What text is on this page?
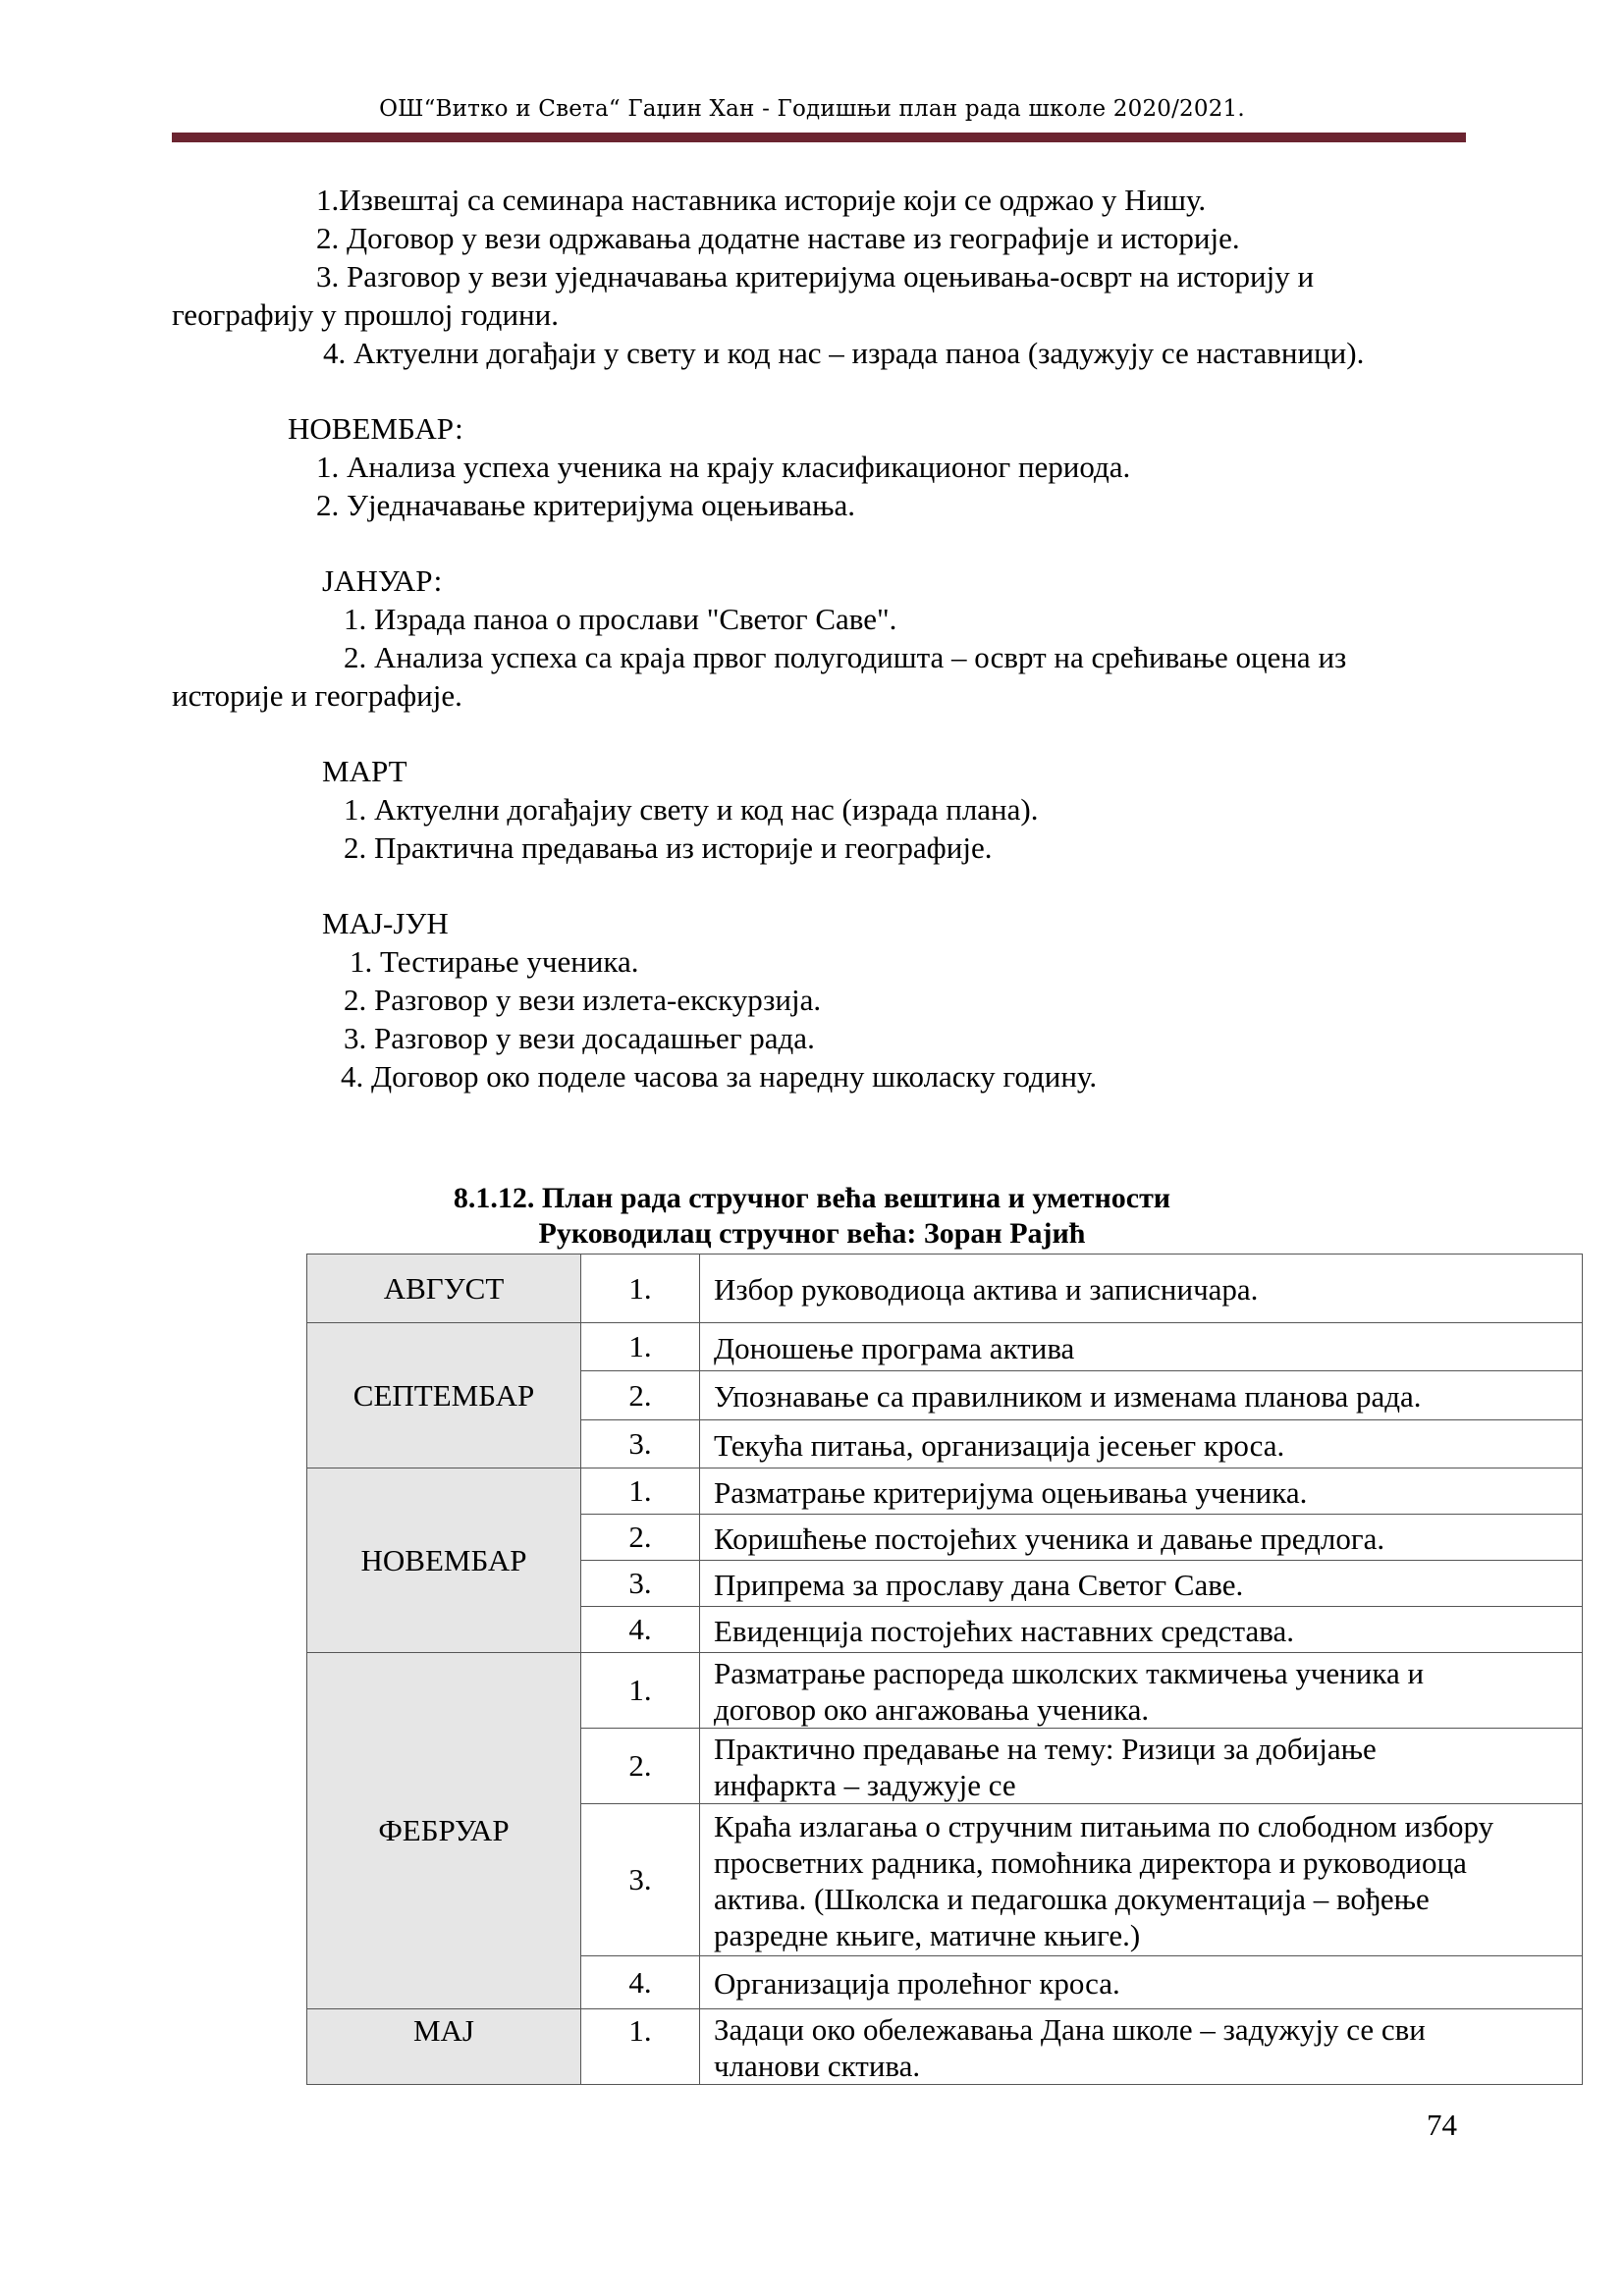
ОШ“Витко и Света“ Гаџин Хан - Годишњи план рада школе 2020/2021.

1.Извештај са семинара наставника историје који се одржао у Нишу.

2. Договор у вези одржавања додатне наставе из географије и историје.

3. Разговор у вези уједначавања критеријума оцењивања-осврт на историју и

географију у прошлој години.

4. Актуелни догађаји у свету и код нас – израда паноа (задужују се наставници).

НОВЕМБАР:

1. Анализа успеха ученика на крају класификационог периода.

2. Уједначавање критеријума оцењивања.

ЈАНУАР:

1. Израда паноа о прослави "Светог Саве".

2. Анализа успеха са краја првог полугодишта – осврт на срећивање оцена из

историје и географије.

МАРТ

1. Актуелни догађајиу свету и код нас (израда плана).

2. Практична предавања из историје и географије.

МАЈ-ЈУН

1. Тестирање ученика.

2. Разговор у вези излета-екскурзија.

3. Разговор у вези досадашњег рада.

4. Договор око поделе часова за наредну школаску годину.

8.1.12. План рада стручног већа вештина и уметности
Руководилац стручног већа: Зоран Рајић
АВГУСТ	1.	Избор руководиоца актива и записничара.
СЕПТЕМБАР	1.	Доношење програма актива
	2.	Упознавање са правилником и изменама планова рада.
	3.	Текућа питања, организација јесењег кроса.
НОВЕМБАР	1.	Разматрање критеријума оцењивања ученика.
	2.	Коришћење постојећих ученика и давање предлога.
	3.	Припрема за прославу дана Светог Саве.
	4.	Евиденција постојећих наставних средстава.
ФЕБРУАР	1.	Разматрање распореда школских такмичења ученика и
договор око ангажовања ученика.

	2.	Практично предавање на тему: Ризици за добијање
инфаркта – задужује се

	3.	Краћа излагања о стручним питањима по слободном избору
просветних радника, помоћника директора и руководиоца
актива. (Школска и педагошка документација – вођење
разредне књиге, матичне књиге.)

	4.	Организација пролећног кроса.
МАЈ	1.	Задаци око обележавања Дана школе – задужују се сви
чланови сктива.
74
